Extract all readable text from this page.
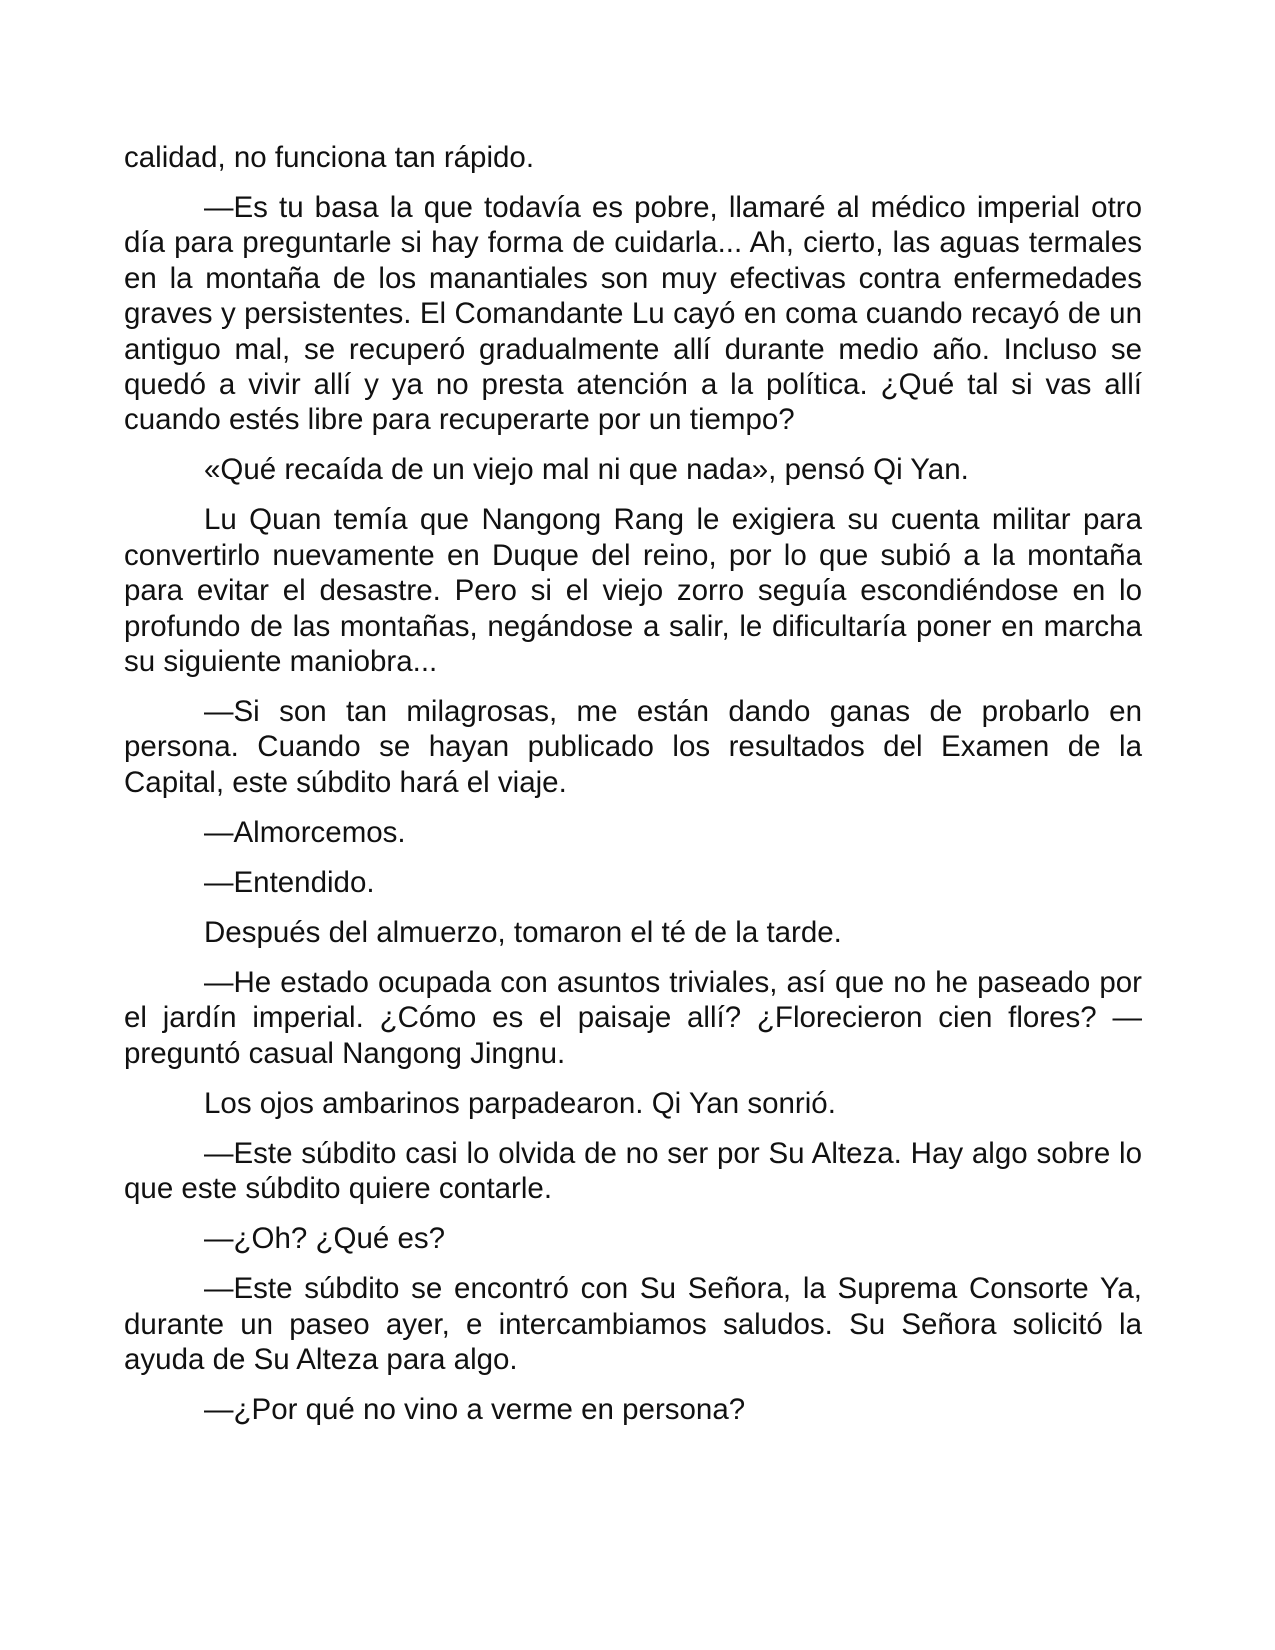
calidad, no funciona tan rápido.

—Es tu basa la que todavía es pobre, llamaré al médico imperial otro día para preguntarle si hay forma de cuidarla... Ah, cierto, las aguas termales en la montaña de los manantiales son muy efectivas contra enfermedades graves y persistentes. El Comandante Lu cayó en coma cuando recayó de un antiguo mal, se recuperó gradualmente allí durante medio año. Incluso se quedó a vivir allí y ya no presta atención a la política. ¿Qué tal si vas allí cuando estés libre para recuperarte por un tiempo?

«Qué recaída de un viejo mal ni que nada», pensó Qi Yan.

Lu Quan temía que Nangong Rang le exigiera su cuenta militar para convertirlo nuevamente en Duque del reino, por lo que subió a la montaña para evitar el desastre. Pero si el viejo zorro seguía escondiéndose en lo profundo de las montañas, negándose a salir, le dificultaría poner en marcha su siguiente maniobra...

—Si son tan milagrosas, me están dando ganas de probarlo en persona. Cuando se hayan publicado los resultados del Examen de la Capital, este súbdito hará el viaje.

—Almorcemos.

—Entendido.

Después del almuerzo, tomaron el té de la tarde.

—He estado ocupada con asuntos triviales, así que no he paseado por el jardín imperial. ¿Cómo es el paisaje allí? ¿Florecieron cien flores? —preguntó casual Nangong Jingnu.

Los ojos ambarinos parpadearon. Qi Yan sonrió.

—Este súbdito casi lo olvida de no ser por Su Alteza. Hay algo sobre lo que este súbdito quiere contarle.

—¿Oh? ¿Qué es?

—Este súbdito se encontró con Su Señora, la Suprema Consorte Ya, durante un paseo ayer, e intercambiamos saludos. Su Señora solicitó la ayuda de Su Alteza para algo.

—¿Por qué no vino a verme en persona?
